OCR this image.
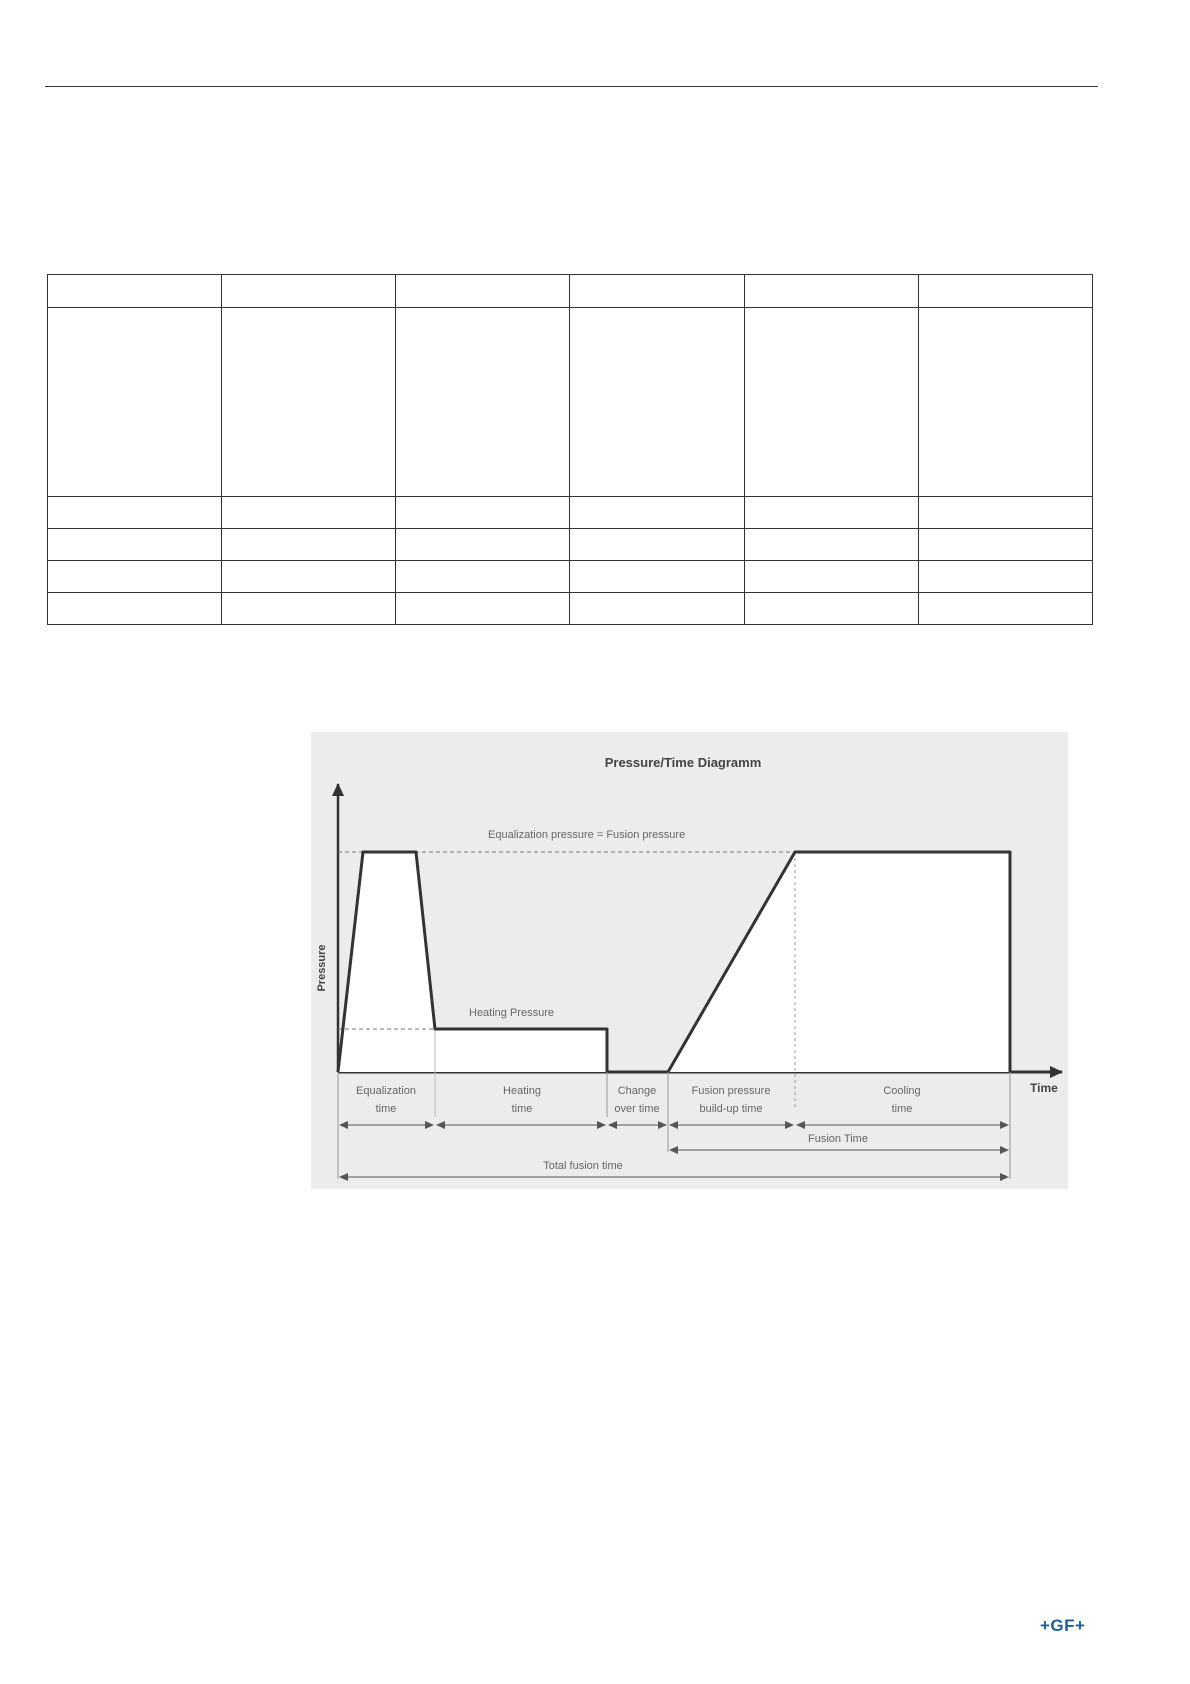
Pressure/Time Diagramm
Pressure
Time
Equalization pressure = Fusion pressure
Heating Pressure
Equalization
time
Heating
time
Change
over time
Fusion pressure
build-up time
Cooling
time
Fusion Time
Total fusion time
+GF+
